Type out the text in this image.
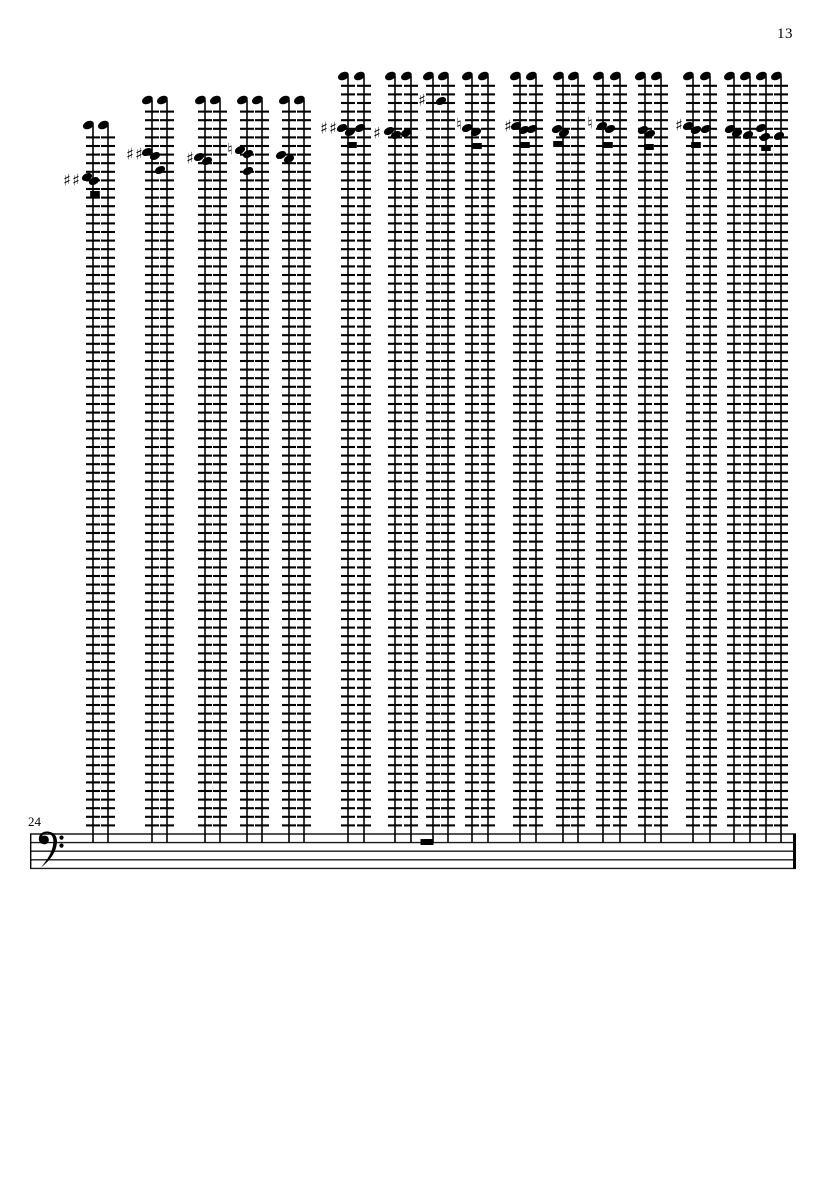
13
24
♯ ♯
♯ ♯	♯ ♮
♯ ♯ ♯
♯
♮	♯	♮	♯
